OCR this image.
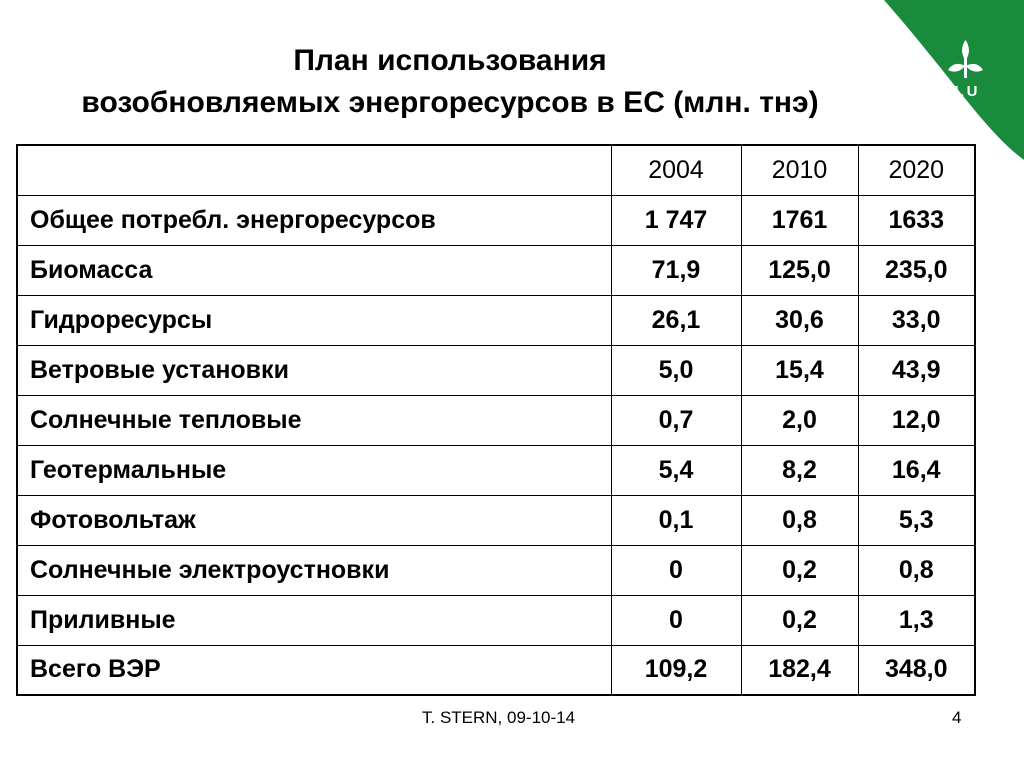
План использования
возобновляемых энергоресурсов в ЕС (млн. тнэ)	SLU
	2004	2010	2020
Общее потребл. энергоресурсов	1 747	1761	1633
Биомасса	71,9	125,0	235,0
Гидроресурсы	26,1	30,6	33,0
Ветровые установки	5,0	15,4	43,9
Солнечные тепловые	0,7	2,0	12,0
Геотермальные	5,4	8,2	16,4
Фотовольтаж	0,1	0,8	5,3
Солнечные электроустновки	0	0,2	0,8
Приливные	0	0,2	1,3
Всего ВЭР	109,2	182,4	348,0
T. STERN, 09-10-14	4
